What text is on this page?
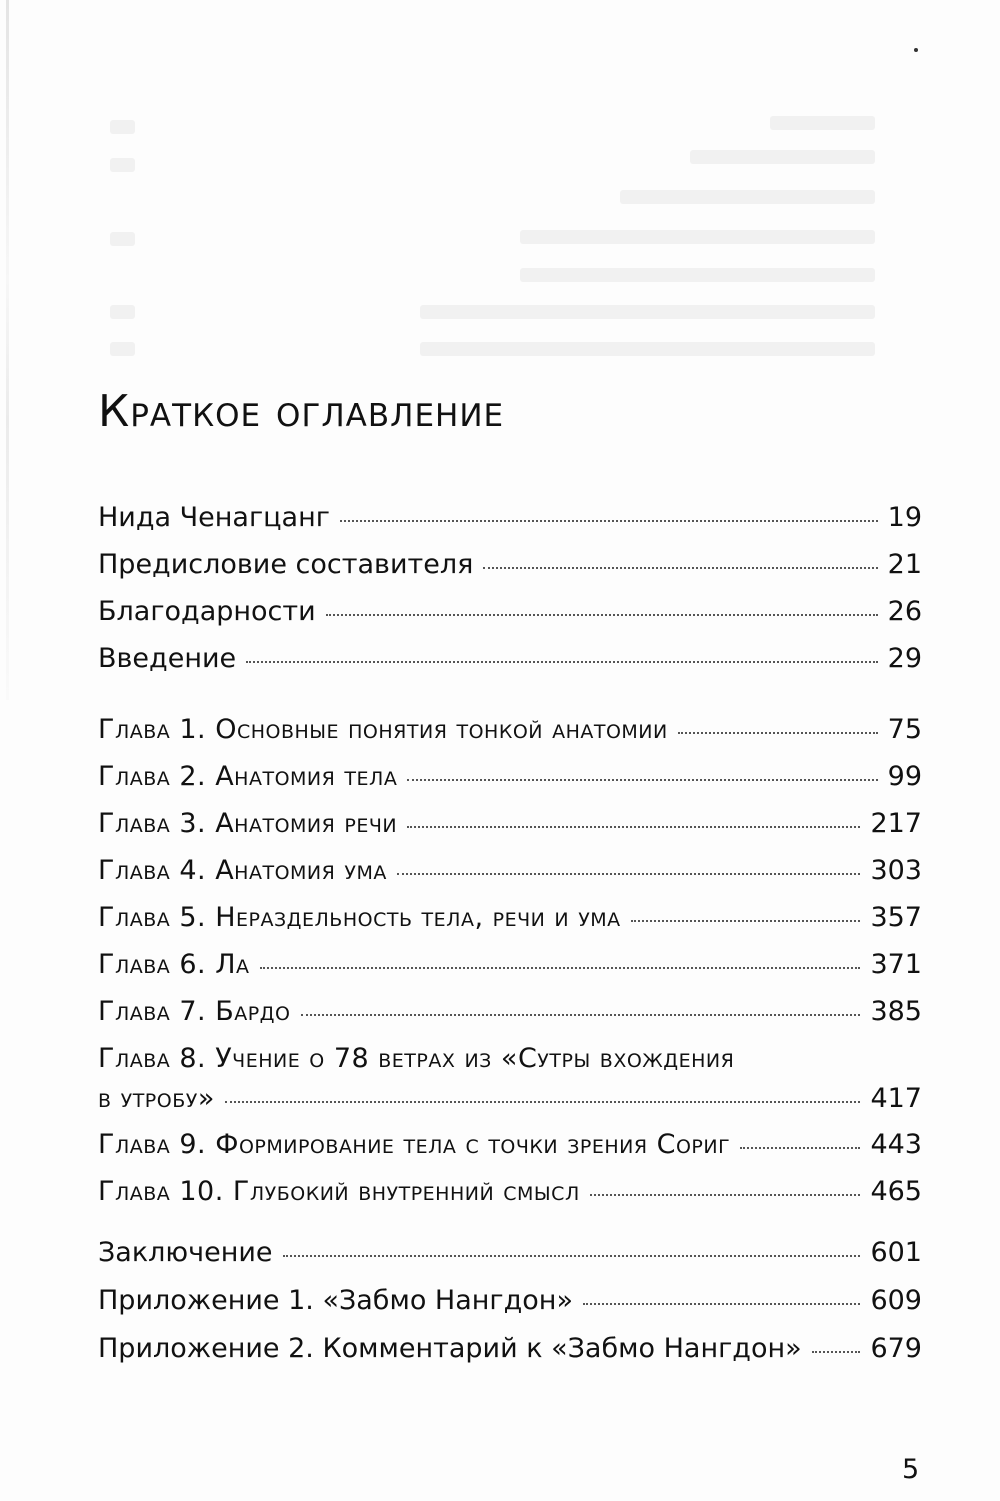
Краткое оглавление
Нида Ченагцанг	19
Предисловие составителя	21
Благодарности	26
Введение	29
Глава 1. Основные понятия тонкой анатомии	75
Глава 2. Анатомия тела	99
Глава 3. Анатомия речи	217
Глава 4. Анатомия ума	303
Глава 5. Нераздельность тела, речи и ума	357
Глава 6. Ла	371
Глава 7. Бардо	385
Глава 8. Учение о 78 ветрах из «Сутры вхождения
в утробу»	417
Глава 9. Формирование тела с точки зрения Сориг	443
Глава 10. Глубокий внутренний смысл	465
Заключение	601
Приложение 1. «Забмо Нангдон»	609
Приложение 2. Комментарий к «Забмо Нангдон»	679
5
